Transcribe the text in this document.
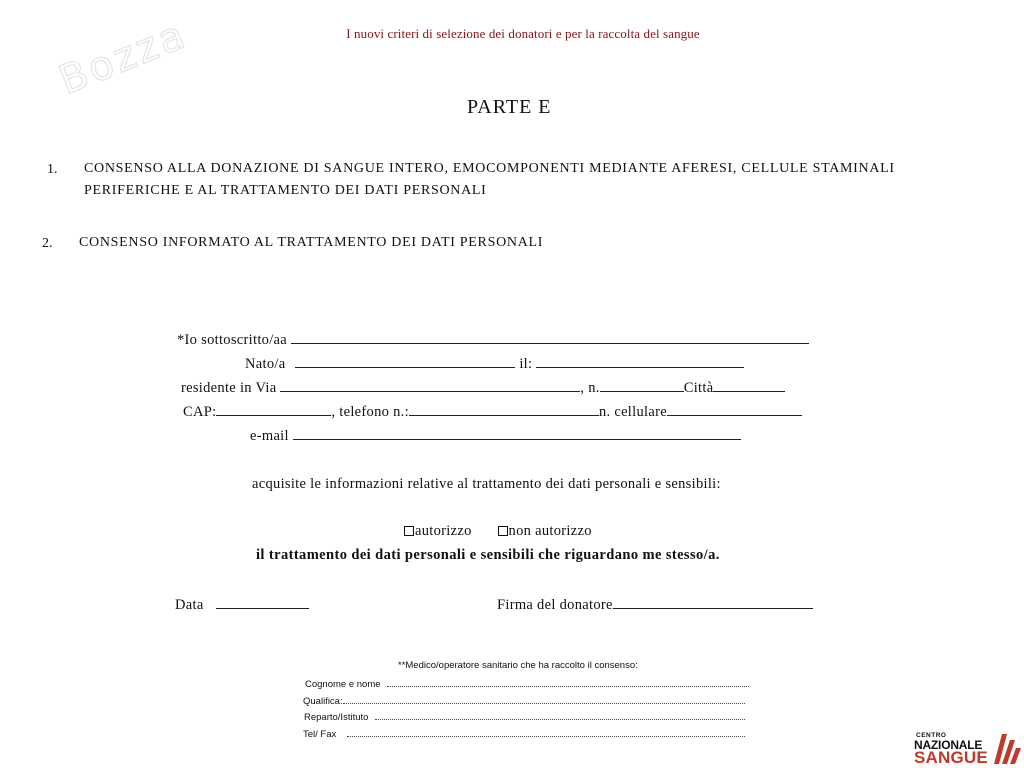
I nuovi criteri di selezione dei donatori e per la raccolta del sangue
Bozza
PARTE E
1. CONSENSO ALLA DONAZIONE DI SANGUE INTERO, EMOCOMPONENTI MEDIANTE AFERESI, CELLULE STAMINALI
PERIFERICHE E AL TRATTAMENTO DEI DATI PERSONALI
2. CONSENSO INFORMATO AL TRATTAMENTO DEI DATI PERSONALI
*Io sottoscritto/aa
Nato/a	il:
residente in Via	, n.	Città
CAP:	, telefono n.:	n. cellulare
e-mail
acquisite le informazioni relative al trattamento dei dati personali e sensibili:
autorizzo	non autorizzo
il trattamento dei dati personali e sensibili che riguardano me stesso/a.
Data	Firma del donatore
**Medico/operatore sanitario che ha raccolto il consenso:
Cognome e nome
Qualifica:
Reparto/Istituto
Tel/ Fax	CENTRO
NAZIONALE
SANGUE
